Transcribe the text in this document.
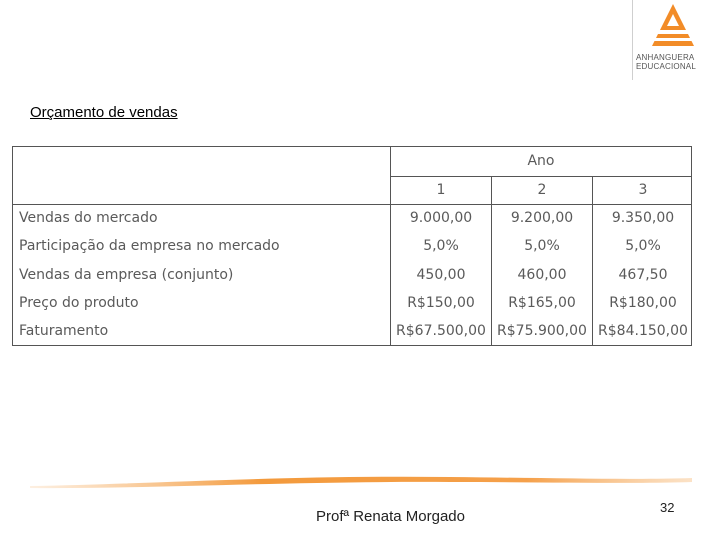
ANHANGUERA
EDUCACIONAL
Orçamento de vendas
Ano
1	2	3
Vendas do mercado	9.000,00	9.200,00	9.350,00
Participação da empresa no mercado	5,0%	5,0%	5,0%
Vendas da empresa (conjunto)	450,00	460,00	467,50
Preço do produto	R$150,00	R$165,00	R$180,00
Faturamento	R$67.500,00 R$75.900,00 R$84.150,00
Profª Renata Morgado
32
